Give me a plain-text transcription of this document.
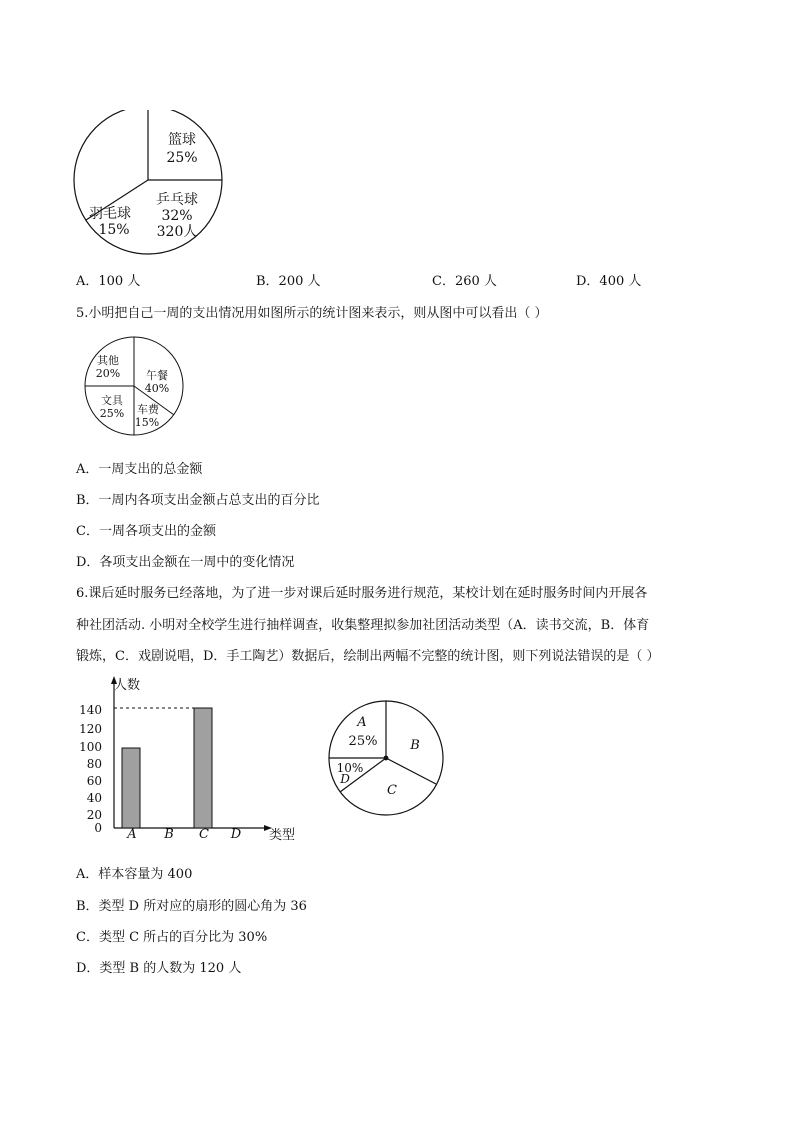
篮球
25%
乒乓球
32%
320人
羽毛球
15%
A．100 人	B．200 人	C．260 人	D．400 人
5.小明把自己一周的支出情况用如图所示的统计图来表示，则从图中可以看出（ ）
其他
20% 午餐
40%
文具
25% 车费
15%
A．一周支出的总金额
B．一周内各项支出金额占总支出的百分比
C．一周各项支出的金额
D．各项支出金额在一周中的变化情况
6.课后延时服务已经落地，为了进一步对课后延时服务进行规范，某校计划在延时服务时间内开展各
种社团活动. 小明对全校学生进行抽样调查，收集整理拟参加社团活动类型（A．读书交流，B．体育
锻炼，C．戏剧说唱，D．手工陶艺）数据后，绘制出两幅不完整的统计图，则下列说法错误的是（ ）
人数
类型
140
120
100
80
60
40
20
0 A B C D
A
25%	B
C
10%
D
A．样本容量为 400
B．类型 D 所对应的扇形的圆心角为 36
C．类型 C 所占的百分比为 30%
D．类型 B 的人数为 120 人
